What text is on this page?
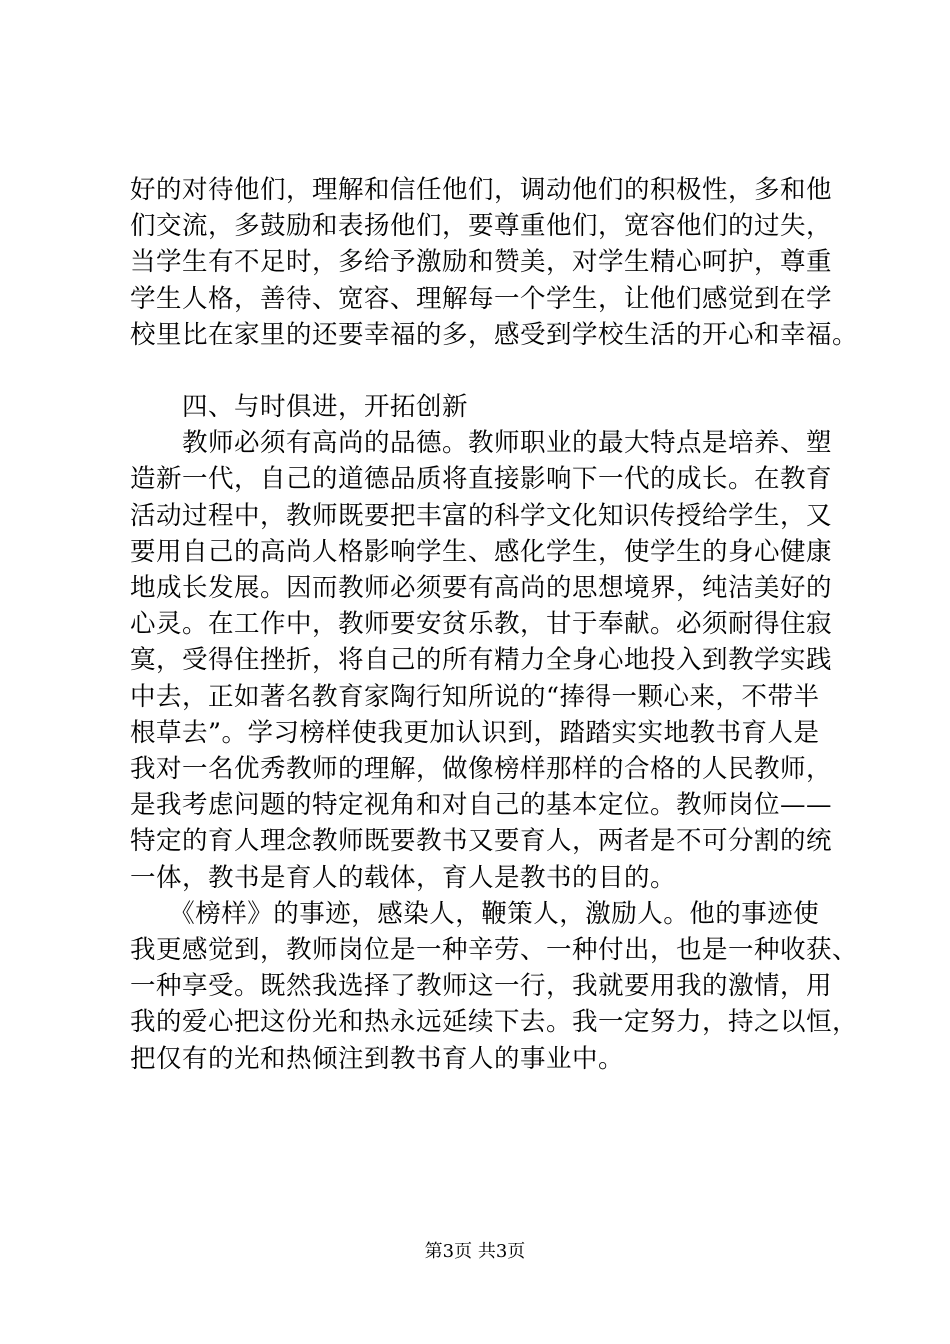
好的对待他们，理解和信任他们，调动他们的积极性，多和他
们交流，多鼓励和表扬他们，要尊重他们，宽容他们的过失，
当学生有不足时，多给予激励和赞美，对学生精心呵护，尊重
学生人格，善待、宽容、理解每一个学生，让他们感觉到在学
校里比在家里的还要幸福的多，感受到学校生活的开心和幸福。

　　四、与时俱进，开拓创新

　　教师必须有高尚的品德。教师职业的最大特点是培养、塑
造新一代，自己的道德品质将直接影响下一代的成长。在教育
活动过程中，教师既要把丰富的科学文化知识传授给学生，又
要用自己的高尚人格影响学生、感化学生，使学生的身心健康
地成长发展。因而教师必须要有高尚的思想境界，纯洁美好的
心灵。在工作中，教师要安贫乐教，甘于奉献。必须耐得住寂
寞，受得住挫折，将自己的所有精力全身心地投入到教学实践
中去，正如著名教育家陶行知所说的“捧得一颗心来，不带半
根草去”。学习榜样使我更加认识到，踏踏实实地教书育人是
我对一名优秀教师的理解，做像榜样那样的合格的人民教师，
是我考虑问题的特定视角和对自己的基本定位。教师岗位——
特定的育人理念教师既要教书又要育人，两者是不可分割的统
一体，教书是育人的载体，育人是教书的目的。

　　《榜样》的事迹，感染人，鞭策人，激励人。他的事迹使
我更感觉到，教师岗位是一种辛劳、一种付出，也是一种收获、
一种享受。既然我选择了教师这一行，我就要用我的激情，用
我的爱心把这份光和热永远延续下去。我一定努力，持之以恒，
把仅有的光和热倾注到教书育人的事业中。

第3页 共3页
